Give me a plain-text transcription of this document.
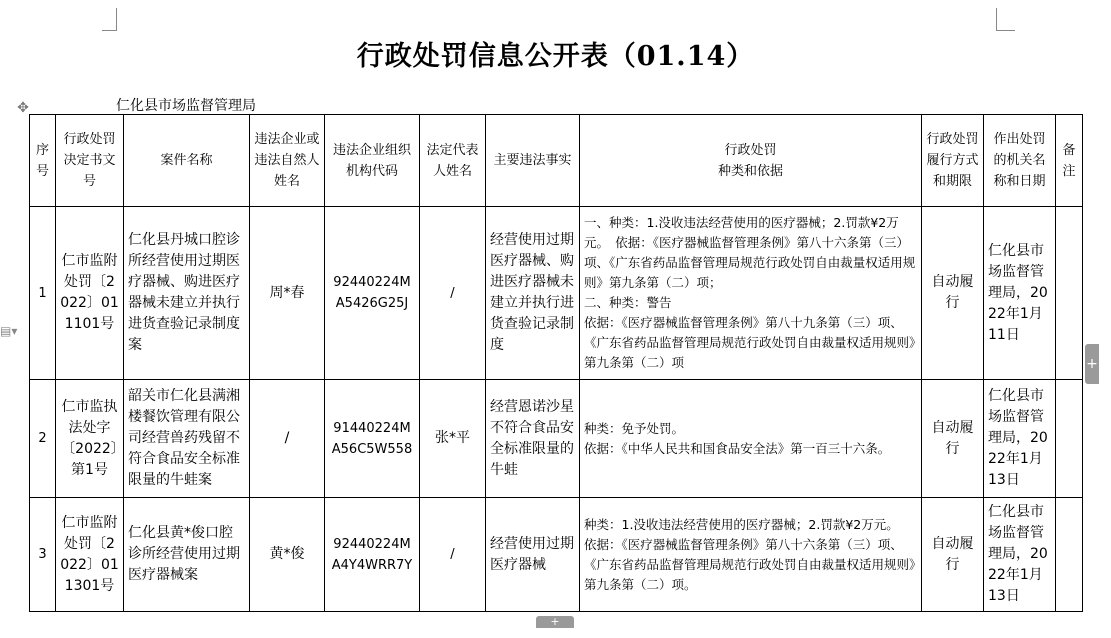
行政处罚信息公开表（01.14）
✥	仁化县市场监督管理局
▤▾
+
+
序号	行政处罚决定书文号	案件名称	违法企业或违法自然人姓名	违法企业组织机构代码	法定代表人姓名	主要违法事实	行政处罚
种类和依据	行政处罚履行方式和期限	作出处罚的机关名称和日期	备注
1	仁市监附处罚〔2022〕011101号	仁化县丹城口腔诊所经营使用过期医疗器械、购进医疗器械未建立并执行进货查验记录制度案	周*春	92440224MA5426G25J	/	经营使用过期医疗器械、购进医疗器械未建立并执行进货查验记录制度	一、种类：1.没收违法经营使用的医疗器械；2.罚款¥2万元。　依据：《医疗器械监督管理条例》第八十六条第（三）项、《广东省药品监督管理局规范行政处罚自由裁量权适用规则》第九条第（二）项；
二、种类：警告
依据：《医疗器械监督管理条例》第八十九条第（三）项、《广东省药品监督管理局规范行政处罚自由裁量权适用规则》第九条第（二）项	自动履行	仁化县市场监督管理局，2022年1月11日	
2	仁市监执法处字〔2022〕第1号	韶关市仁化县满湘楼餐饮管理有限公司经营兽药残留不符合食品安全标准限量的牛蛙案	/	91440224MA56C5W558	张*平	经营恩诺沙星不符合食品安全标准限量的牛蛙	种类：免予处罚。
依据：《中华人民共和国食品安全法》第一百三十六条。	自动履行	仁化县市场监督管理局，2022年1月13日	
3	仁市监附处罚〔2022〕011301号	仁化县黄*俊口腔诊所经营使用过期医疗器械案	黄*俊	92440224MA4Y4WRR7Y	/	经营使用过期医疗器械	种类：1.没收违法经营使用的医疗器械；2.罚款¥2万元。
依据：《医疗器械监督管理条例》第八十六条第（三）项、《广东省药品监督管理局规范行政处罚自由裁量权适用规则》第九条第（二）项。	自动履行	仁化县市场监督管理局，2022年1月13日	
